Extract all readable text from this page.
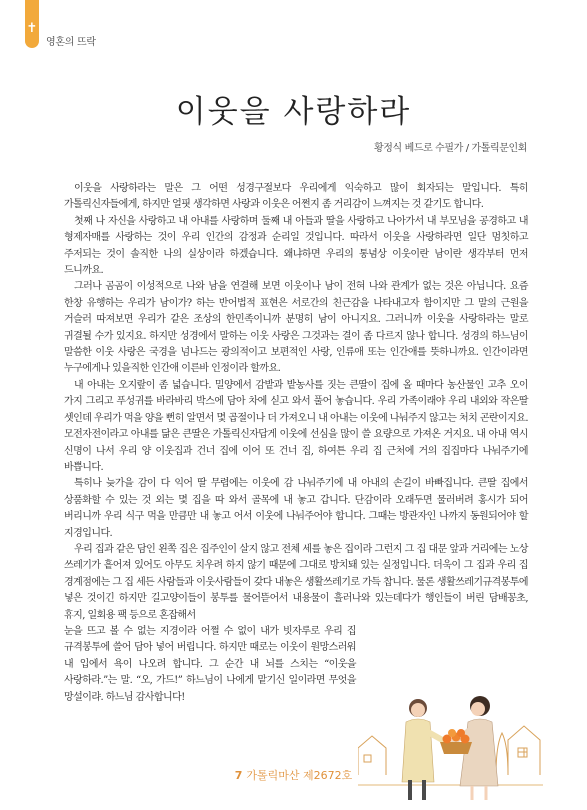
✝
영혼의 뜨락
이웃을 사랑하라
황정식 베드로 수필가 / 가톨릭문인회

이웃을 사랑하라는 말은 그 어떤 성경구절보다 우리에게 익숙하고 많이 회자되는 말입니다. 특히 가톨릭신자들에게, 하지만 얼핏 생각하면 사랑과 이웃은 어쩐지 좀 거리감이 느껴지는 것 같기도 합니다.

첫째 나 자신을 사랑하고 내 아내를 사랑하며 둘째 내 아들과 딸을 사랑하고 나아가서 내 부모님을 공경하고 내 형제자매를 사랑하는 것이 우리 인간의 감정과 순리일 것입니다. 따라서 이웃을 사랑하라면 일단 멈칫하고 주저되는 것이 솔직한 나의 실상이라 하겠습니다. 왜냐하면 우리의 통념상 이웃이란 남이란 생각부터 먼저 드니까요.

그러나 곰곰이 이성적으로 나와 남을 연결해 보면 이웃이나 남이 전혀 나와 관계가 없는 것은 아닙니다. 요즘 한창 유행하는 우리가 남이가? 하는 반어법적 표현은 서로간의 친근감을 나타내고자 함이지만 그 말의 근원을 거슬러 따져보면 우리가 같은 조상의 한민족이니까 분명히 남이 아니지요. 그러니까 이웃을 사랑하라는 말로 귀결될 수가 있지요. 하지만 성경에서 말하는 이웃 사랑은 그것과는 결이 좀 다르지 않나 합니다. 성경의 하느님이 말씀한 이웃 사랑은 국경을 넘나드는 광의적이고 보편적인 사랑, 인류애 또는 인간애를 뜻하니까요. 인간이라면 누구에게나 있을직한 인간애 이른바 인정이라 할까요.

내 아내는 오지랖이 좀 넓습니다. 밀양에서 감밭과 밭농사를 짓는 큰딸이 집에 올 때마다 농산물인 고추 오이 가지 그리고 푸성귀를 바라바리 박스에 담아 차에 싣고 와서 풀어 놓습니다. 우리 가족이래야 우리 내외와 작은딸 셋인데 우리가 먹을 양을 뻔히 알면서 몇 곱절이나 더 가져오니 내 아내는 이웃에 나눠주지 않고는 처치 곤란이지요. 모전자전이라고 아내를 닮은 큰딸은 가톨릭신자답게 이웃에 선심을 많이 쓸 요량으로 가져온 거지요. 내 아내 역시 신명이 나서 우리 양 이웃집과 건너 집에 이어 또 건너 집, 하여튼 우리 집 근처에 거의 집집마다 나눠주기에 바쁩니다.

특히나 늦가을 감이 다 익어 딸 무렵에는 이웃에 감 나눠주기에 내 아내의 손길이 바빠집니다. 큰딸 집에서 상품화할 수 있는 것 외는 몇 집을 따 와서 골목에 내 놓고 갑니다. 단감이라 오래두면 물러버려 홍시가 되어 버리니까 우리 식구 먹을 만큼만 내 놓고 어서 이웃에 나눠주어야 합니다. 그때는 방관자인 나까지 동원되어야 할 지경입니다.

우리 집과 같은 담인 왼쪽 집은 집주인이 살지 않고 전체 세를 놓은 집이라 그런지 그 집 대문 앞과 거리에는 노상 쓰레기가 흩어져 있어도 아무도 치우려 하지 않기 때문에 그대로 방치돼 있는 실정입니다. 더욱이 그 집과 우리 집 경계점에는 그 집 세든 사람들과 이웃사람들이 갖다 내놓은 생활쓰레기로 가득 찹니다. 물론 생활쓰레기규격봉투에 넣은 것이긴 하지만 길고양이들이 봉투를 물어뜯어서 내용물이 흘러나와 있는데다가 행인들이 버린 담배꽁초, 휴지, 일회용 팩 등으로 혼잡해서

눈을 뜨고 볼 수 없는 지경이라 어쩔 수 없이 내가 빗자루로 우리 집 규격봉투에 쓸어 담아 넣어 버립니다. 하지만 때로는 이웃이 원망스러워 내 입에서 욕이 나오려 합니다. 그 순간 내 뇌를 스치는 “이웃을 사랑하라.”는 말. “오, 가드!” 하느님이 나에게 맡기신 일이라면 무엇을 망설이랴. 하느님 감사합니다!

7 가톨릭마산 제2672호
